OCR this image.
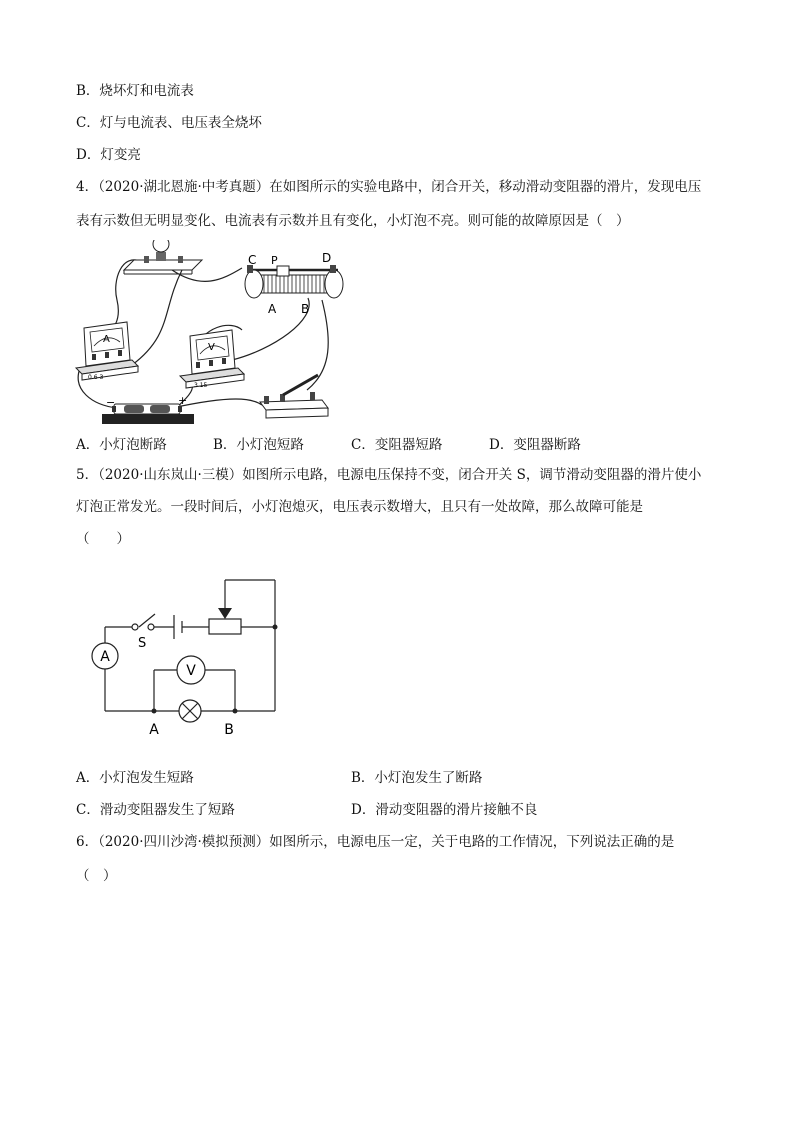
B．烧坏灯和电流表
C．灯与电流表、电压表全烧坏
D．灯变亮
4．（2020·湖北恩施·中考真题）在如图所示的实验电路中，闭合开关，移动滑动变阻器的滑片，发现电压
表有示数但无明显变化、电流表有示数并且有变化，小灯泡不亮。则可能的故障原因是（　）
C P	D
A B
A
0.6 3
V
3 15
−	+
A．小灯泡断路	B．小灯泡短路	C．变阻器短路	D．变阻器断路
5．（2020·山东岚山·三模）如图所示电路，电源电压保持不变，闭合开关 S，调节滑动变阻器的滑片使小
灯泡正常发光。一段时间后，小灯泡熄灭，电压表示数增大，且只有一处故障，那么故障可能是
（　　）
A
V
S
A	B
A．小灯泡发生短路	B．小灯泡发生了断路
C．滑动变阻器发生了短路	D．滑动变阻器的滑片接触不良
6．（2020·四川沙湾·模拟预测）如图所示，电源电压一定，关于电路的工作情况，下列说法正确的是
（　）
